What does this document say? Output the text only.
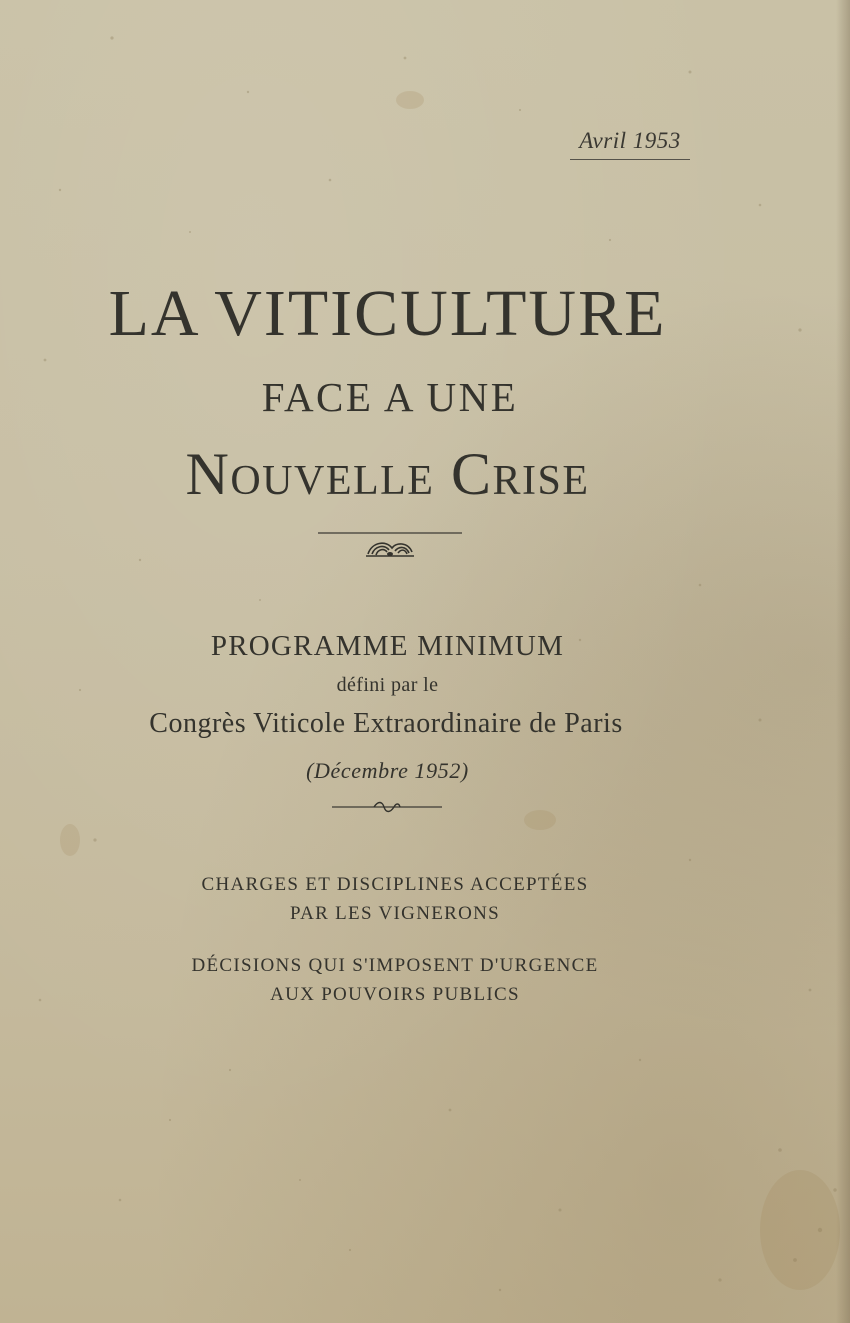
Avril 1953
LA VITICULTURE
FACE A UNE
Nouvelle Crise
PROGRAMME MINIMUM
défini par le
Congrès Viticole Extraordinaire de Paris
(Décembre 1952)
CHARGES ET DISCIPLINES ACCEPTÉES
PAR LES VIGNERONS
DÉCISIONS QUI S'IMPOSENT D'URGENCE
AUX POUVOIRS PUBLICS
